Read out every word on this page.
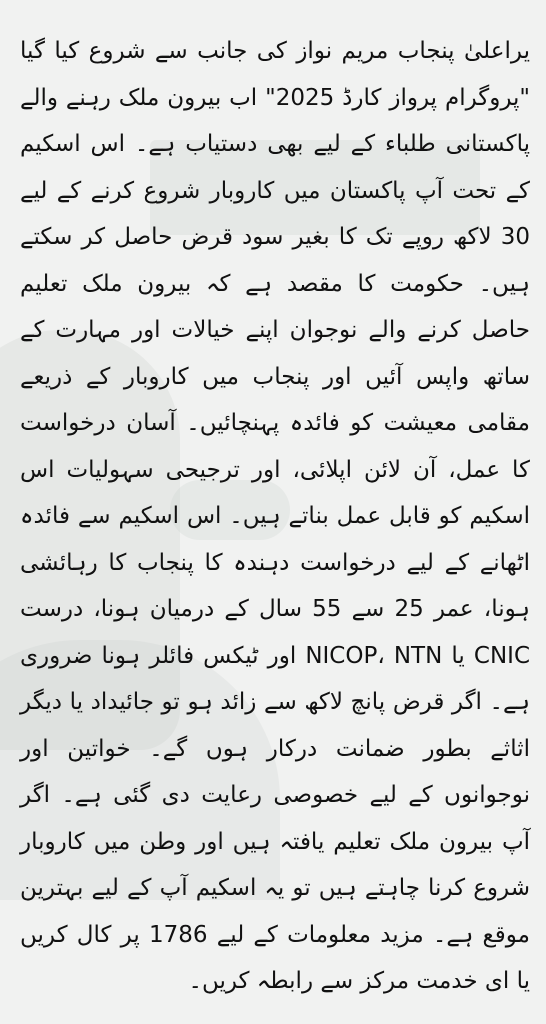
یراعلیٰ پنجاب مریم نواز کی جانب سے شروع کیا گیا "پروگرام پرواز کارڈ 2025" اب بیرون ملک رہنے والے پاکستانی طلباء کے لیے بھی دستیاب ہے۔ اس اسکیم کے تحت آپ پاکستان میں کاروبار شروع کرنے کے لیے 30 لاکھ روپے تک کا بغیر سود قرض حاصل کر سکتے ہیں۔ حکومت کا مقصد ہے کہ بیرون ملک تعلیم حاصل کرنے والے نوجوان اپنے خیالات اور مہارت کے ساتھ واپس آئیں اور پنجاب میں کاروبار کے ذریعے مقامی معیشت کو فائدہ پہنچائیں۔ آسان درخواست کا عمل، آن لائن اپلائی، اور ترجیحی سہولیات اس اسکیم کو قابل عمل بناتے ہیں۔ اس اسکیم سے فائدہ اٹھانے کے لیے درخواست دہندہ کا پنجاب کا رہائشی ہونا، عمر 25 سے 55 سال کے درمیان ہونا، درست CNIC یا NICOP، NTN اور ٹیکس فائلر ہونا ضروری ہے۔ اگر قرض پانچ لاکھ سے زائد ہو تو جائیداد یا دیگر اثاثے بطور ضمانت درکار ہوں گے۔ خواتین اور نوجوانوں کے لیے خصوصی رعایت دی گئی ہے۔ اگر آپ بیرون ملک تعلیم یافتہ ہیں اور وطن میں کاروبار شروع کرنا چاہتے ہیں تو یہ اسکیم آپ کے لیے بہترین موقع ہے۔ مزید معلومات کے لیے 1786 پر کال کریں یا ای خدمت مرکز سے رابطہ کریں۔
